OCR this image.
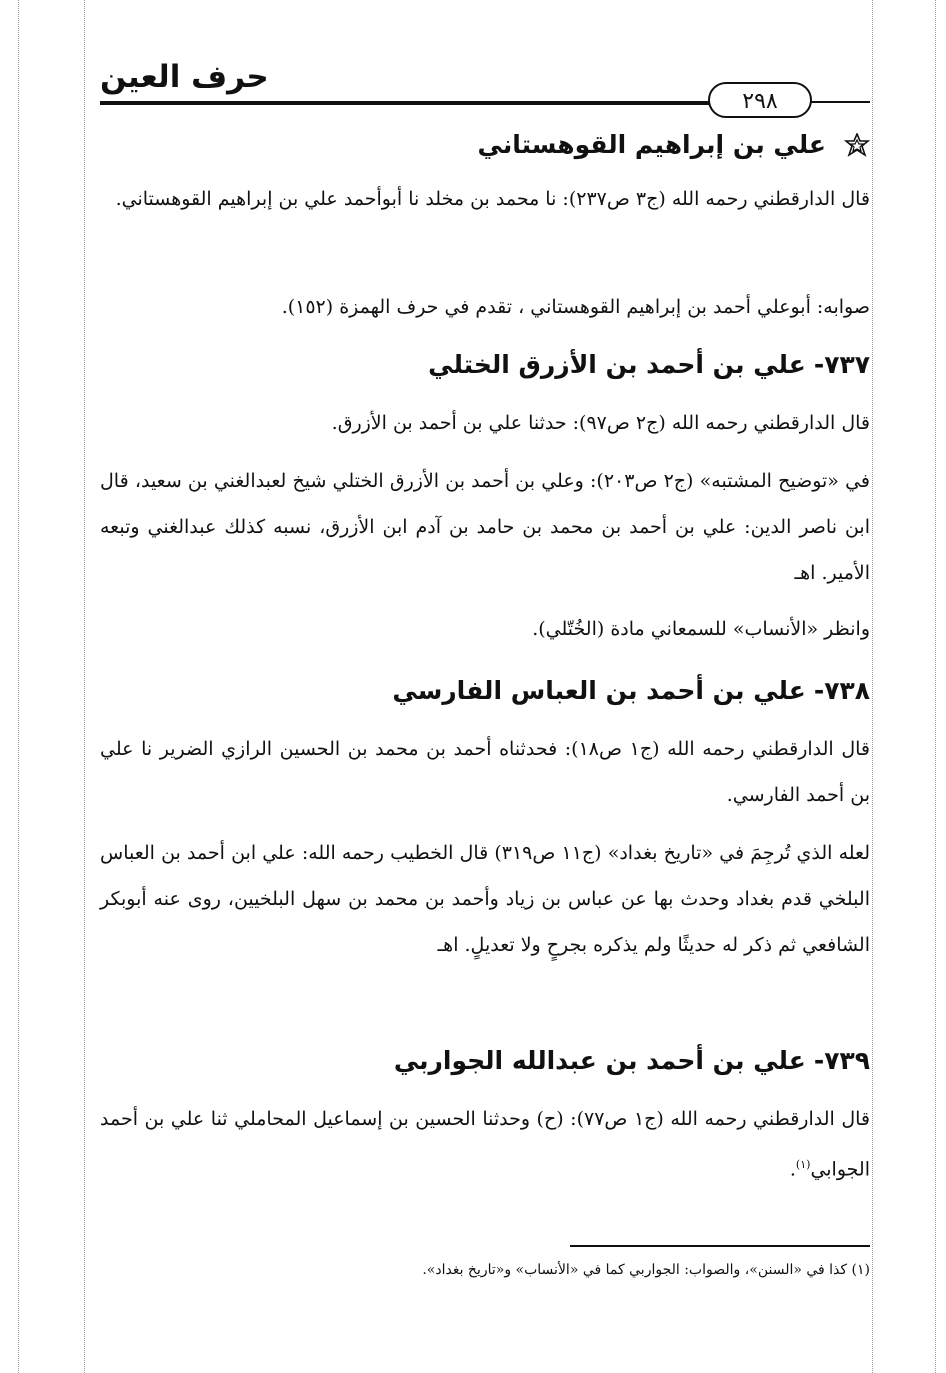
حرف العين
٢٩٨
علي بن إبراهيم القوهستاني

قال الدارقطني رحمه الله (ج٣ ص٢٣٧): نا محمد بن مخلد نا أبوأحمد علي بن إبراهيم القوهستاني.

صوابه: أبوعلي أحمد بن إبراهيم القوهستاني ، تقدم في حرف الهمزة (١٥٢).

٧٣٧-علي بن أحمد بن الأزرق الختلي

قال الدارقطني رحمه الله (ج٢ ص٩٧): حدثنا علي بن أحمد بن الأزرق.

في «توضيح المشتبه» (ج٢ ص٢٠٣): وعلي بن أحمد بن الأزرق الختلي شيخ لعبدالغني بن سعيد، قال ابن ناصر الدين: علي بن أحمد بن محمد بن حامد بن آدم ابن الأزرق، نسبه كذلك عبدالغني وتبعه الأمير. اهـ

وانظر «الأنساب» للسمعاني مادة (الخُتّلي).

٧٣٨-علي بن أحمد بن العباس الفارسي

قال الدارقطني رحمه الله (ج١ ص١٨): فحدثناه أحمد بن محمد بن الحسين الرازي الضرير نا علي بن أحمد الفارسي.

لعله الذي تُرجِمَ في «تاريخ بغداد» (ج١١ ص٣١٩) قال الخطيب رحمه الله: علي ابن أحمد بن العباس البلخي قدم بغداد وحدث بها عن عباس بن زياد وأحمد بن محمد بن سهل البلخيين، روى عنه أبوبكر الشافعي ثم ذكر له حديثًا ولم يذكره بجرحٍ ولا تعديلٍ. اهـ

٧٣٩-علي بن أحمد بن عبدالله الجواربي

قال الدارقطني رحمه الله (ج١ ص٧٧): (ح) وحدثنا الحسين بن إسماعيل المحاملي ثنا علي بن أحمد الجوابي$^{(١)}$.

(١) كذا في «السنن»، والصواب: الجواربي كما في «الأنساب» و«تاريخ بغداد».
